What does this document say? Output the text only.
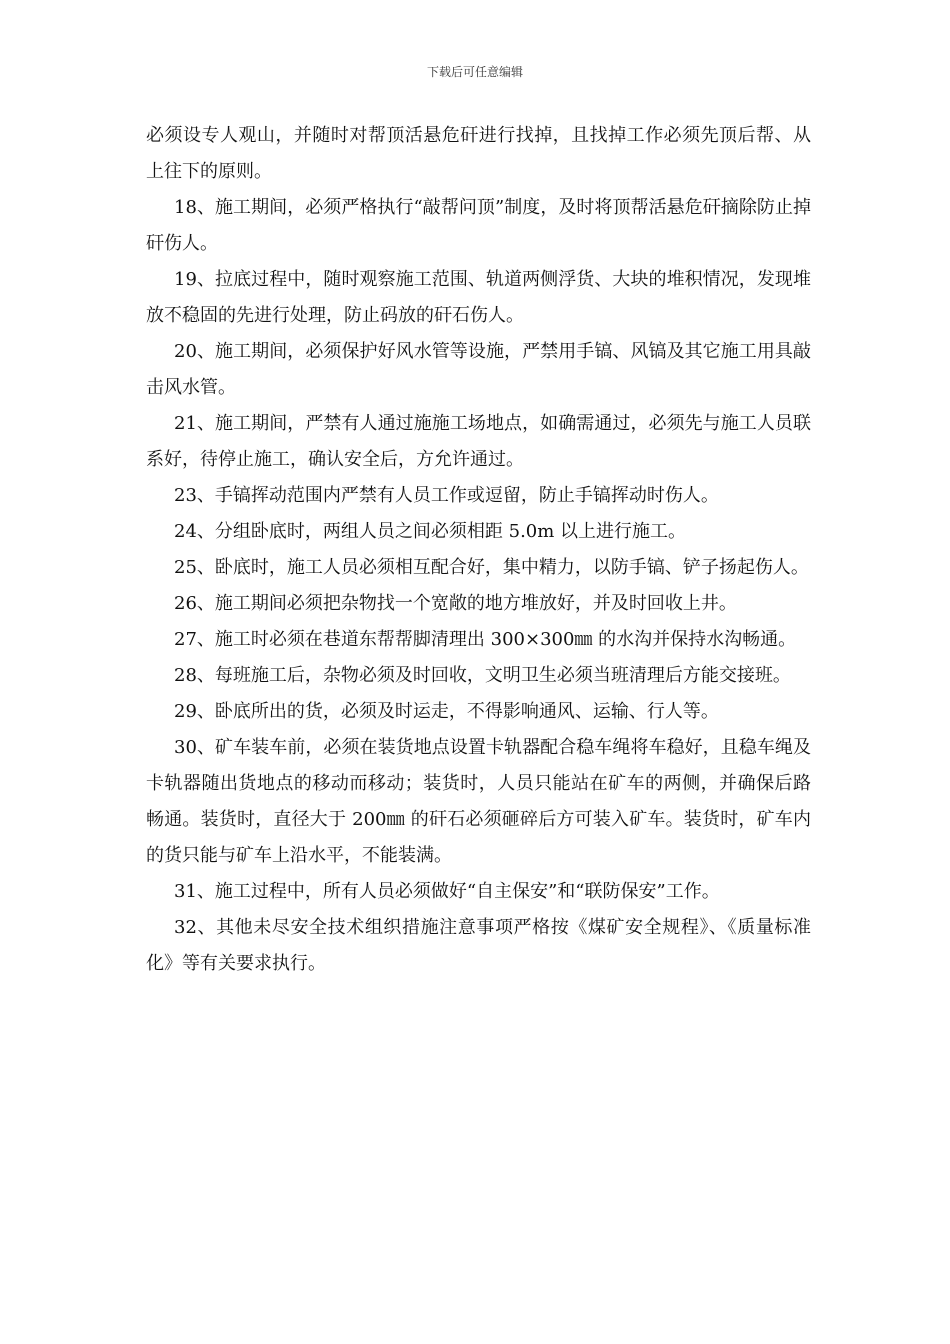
下载后可任意编辑

必须设专人观山，并随时对帮顶活悬危矸进行找掉，且找掉工作必须先顶后帮、从上往下的原则。

18、施工期间，必须严格执行“敲帮问顶”制度，及时将顶帮活悬危矸摘除防止掉矸伤人。

19、拉底过程中，随时观察施工范围、轨道两侧浮货、大块的堆积情况，发现堆放不稳固的先进行处理，防止码放的矸石伤人。

20、施工期间，必须保护好风水管等设施，严禁用手镐、风镐及其它施工用具敲击风水管。

21、施工期间，严禁有人通过施施工场地点，如确需通过，必须先与施工人员联系好，待停止施工，确认安全后，方允许通过。

23、手镐挥动范围内严禁有人员工作或逗留，防止手镐挥动时伤人。

24、分组卧底时，两组人员之间必须相距 5.0m 以上进行施工。

25、卧底时，施工人员必须相互配合好，集中精力，以防手镐、铲子扬起伤人。

26、施工期间必须把杂物找一个宽敞的地方堆放好，并及时回收上井。

27、施工时必须在巷道东帮帮脚清理出 300×300㎜ 的水沟并保持水沟畅通。

28、每班施工后，杂物必须及时回收，文明卫生必须当班清理后方能交接班。

29、卧底所出的货，必须及时运走，不得影响通风、运输、行人等。

30、矿车装车前，必须在装货地点设置卡轨器配合稳车绳将车稳好，且稳车绳及卡轨器随出货地点的移动而移动；装货时，人员只能站在矿车的两侧，并确保后路畅通。装货时，直径大于 200㎜ 的矸石必须砸碎后方可装入矿车。装货时，矿车内的货只能与矿车上沿水平，不能装满。

31、施工过程中，所有人员必须做好“自主保安”和“联防保安”工作。

32、其他未尽安全技术组织措施注意事项严格按《煤矿安全规程》、《质量标准化》等有关要求执行。
